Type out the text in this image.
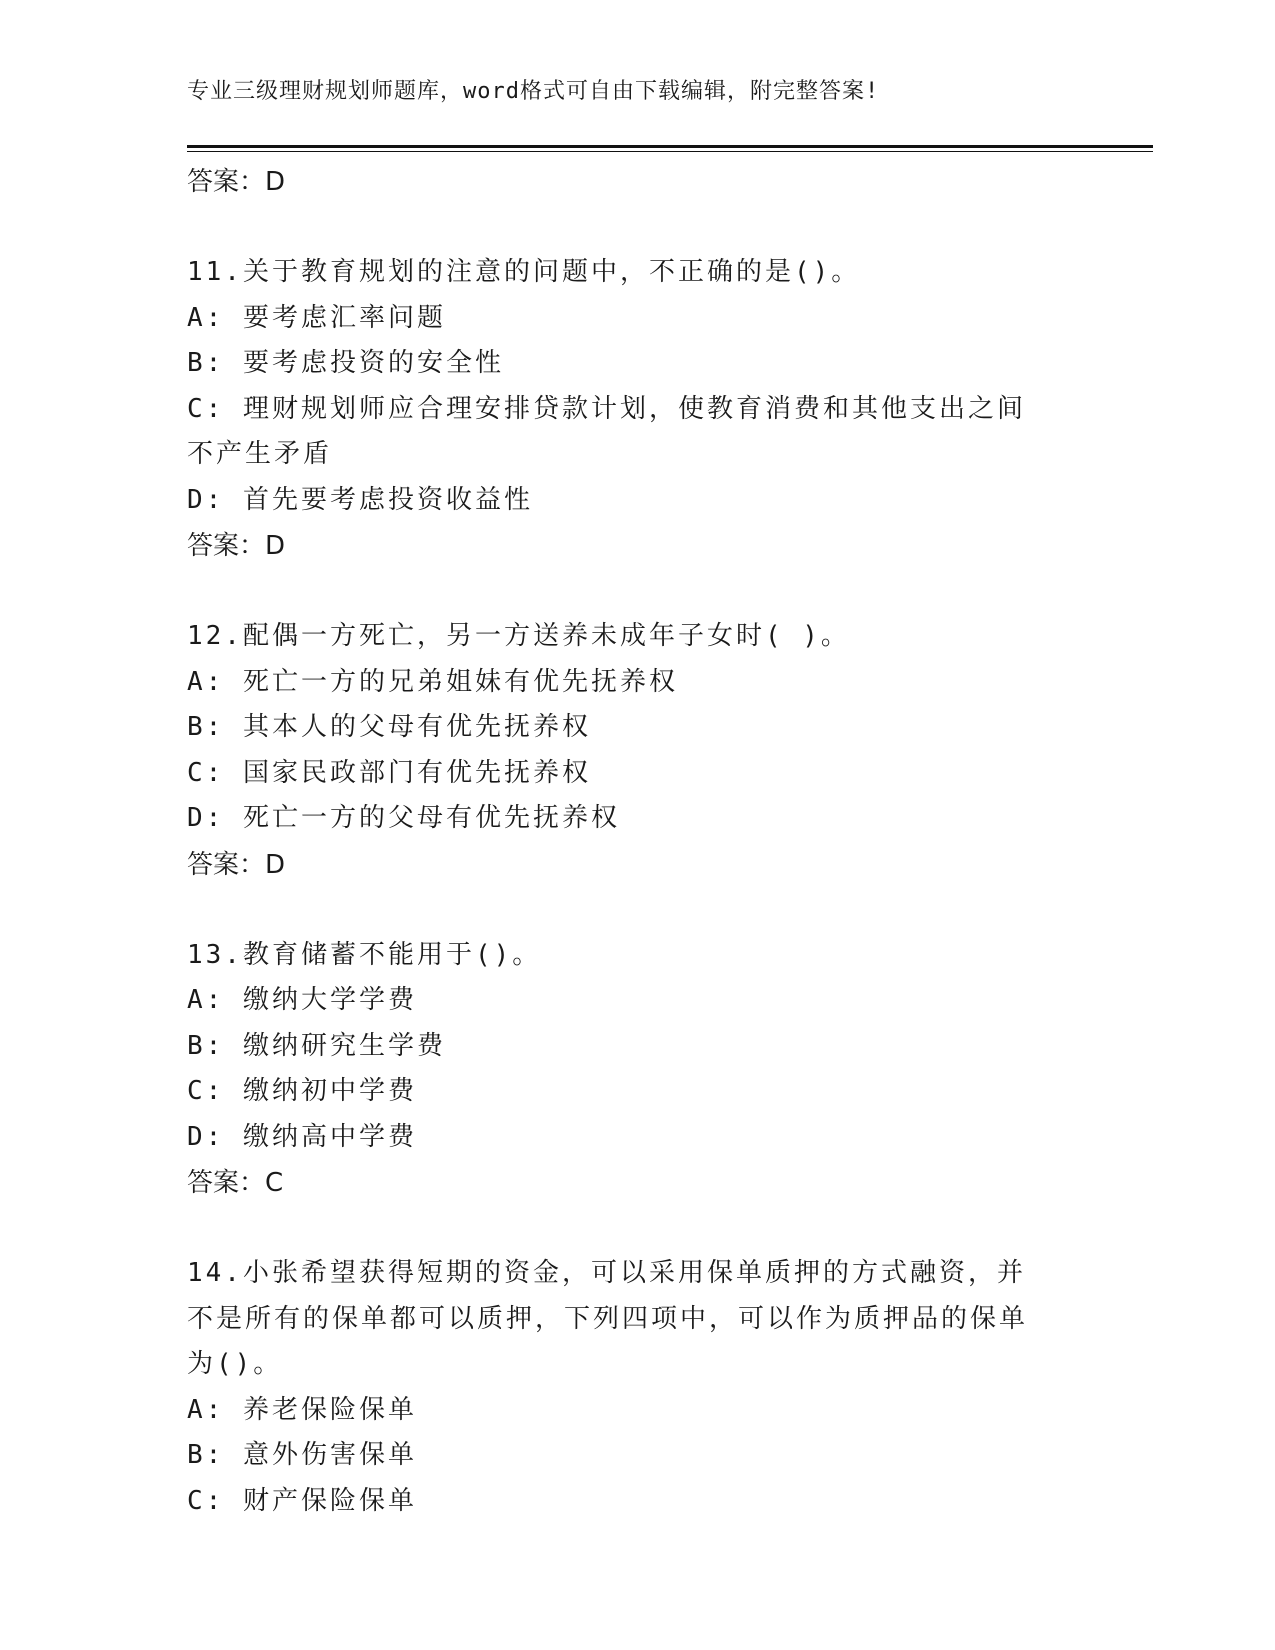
专业三级理财规划师题库，word格式可自由下载编辑，附完整答案!
答案：D
11.关于教育规划的注意的问题中，不正确的是()。
A: 要考虑汇率问题
B: 要考虑投资的安全性
C: 理财规划师应合理安排贷款计划，使教育消费和其他支出之间不产生矛盾
D: 首先要考虑投资收益性
答案：D
12.配偶一方死亡，另一方送养未成年子女时( )。
A: 死亡一方的兄弟姐妹有优先抚养权
B: 其本人的父母有优先抚养权
C: 国家民政部门有优先抚养权
D: 死亡一方的父母有优先抚养权
答案：D
13.教育储蓄不能用于()。
A: 缴纳大学学费
B: 缴纳研究生学费
C: 缴纳初中学费
D: 缴纳高中学费
答案：C
14.小张希望获得短期的资金，可以采用保单质押的方式融资，并不是所有的保单都可以质押，下列四项中，可以作为质押品的保单为()。
A: 养老保险保单
B: 意外伤害保单
C: 财产保险保单
